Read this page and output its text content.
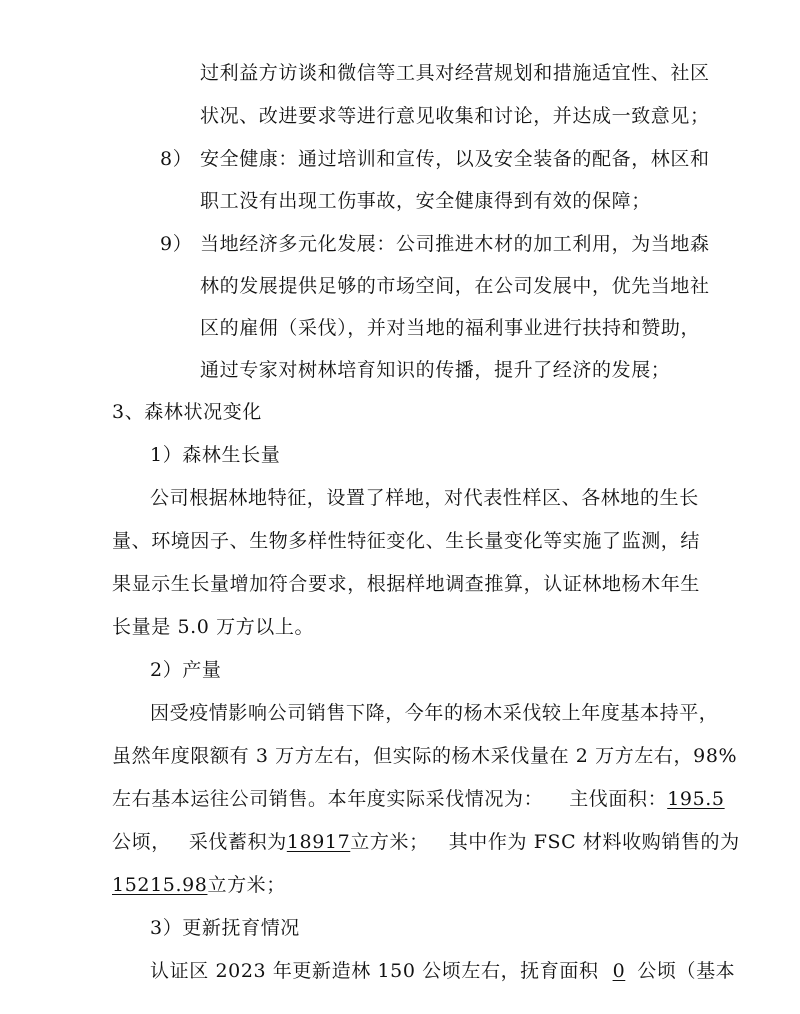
过利益方访谈和微信等工具对经营规划和措施适宜性、社区
状况、改进要求等进行意见收集和讨论，并达成一致意见；
8） 安全健康：通过培训和宣传，以及安全装备的配备，林区和
职工没有出现工伤事故，安全健康得到有效的保障；
9） 当地经济多元化发展：公司推进木材的加工利用，为当地森
林的发展提供足够的市场空间，在公司发展中，优先当地社
区的雇佣（采伐），并对当地的福利事业进行扶持和赞助，
通过专家对树林培育知识的传播，提升了经济的发展；
3、森林状况变化
1）森林生长量
公司根据林地特征，设置了样地，对代表性样区、各林地的生长
量、环境因子、生物多样性特征变化、生长量变化等实施了监测，结
果显示生长量增加符合要求，根据样地调查推算，认证林地杨木年生
长量是 5.0 万方以上。
2）产量
因受疫情影响公司销售下降，今年的杨木采伐较上年度基本持平，
虽然年度限额有 3 万方左右，但实际的杨木采伐量在 2 万方左右，98%
左右基本运往公司销售。本年度实际采伐情况为： 主伐面积：195.5
公顷， 采伐蓄积为18917立方米； 其中作为 FSC 材料收购销售的为
15215.98立方米；
3）更新抚育情况
认证区 2023 年更新造林 150 公顷左右，抚育面积 0 公顷（基本
